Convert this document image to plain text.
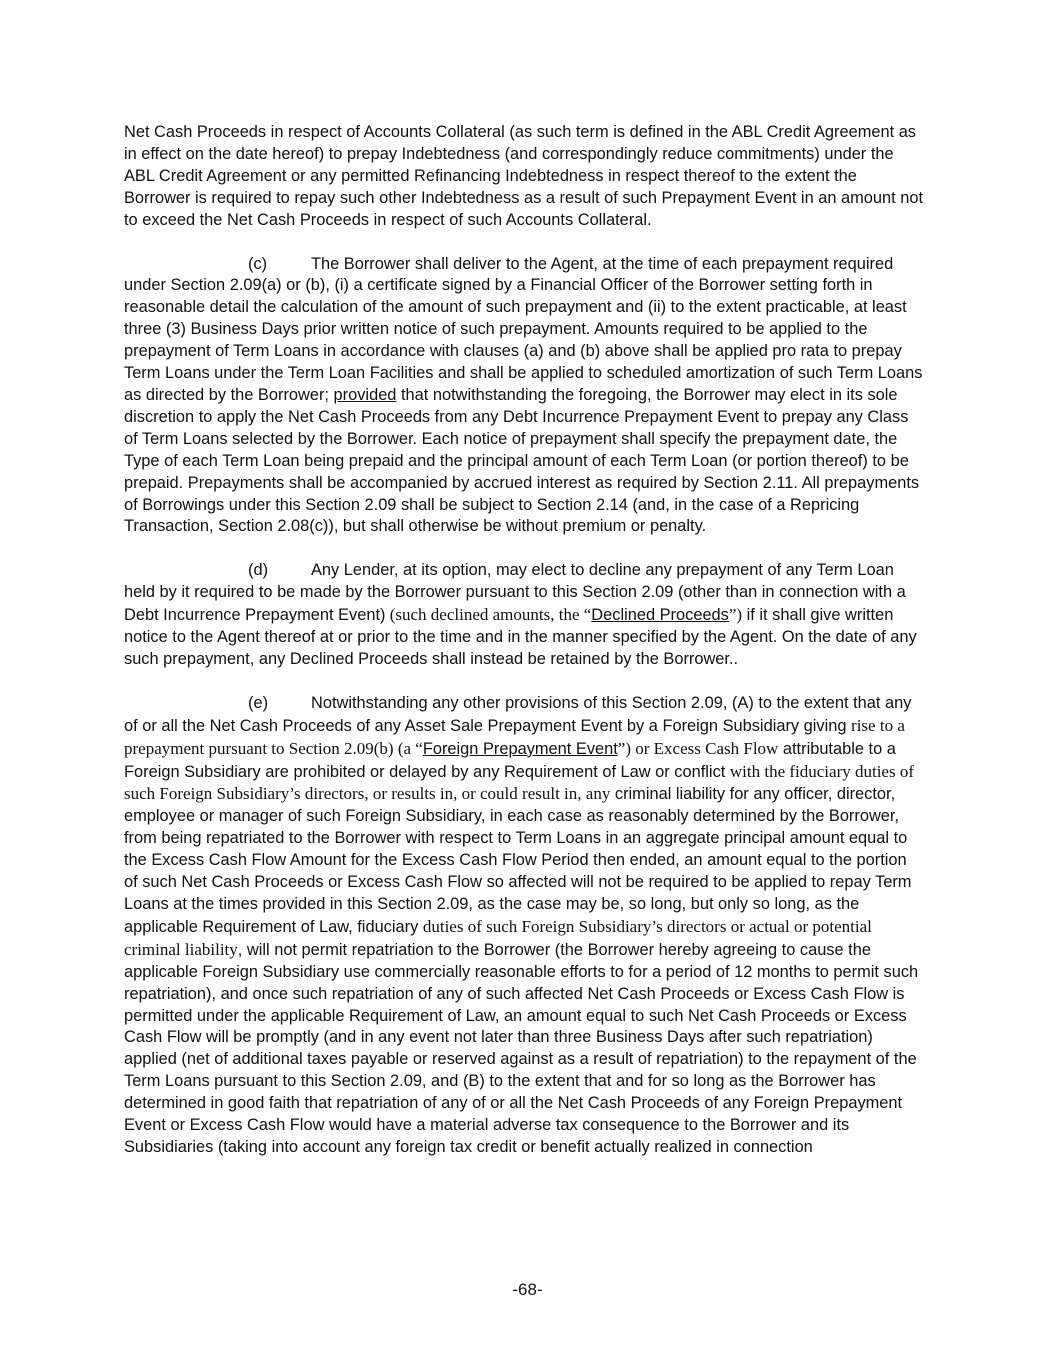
Net Cash Proceeds in respect of Accounts Collateral (as such term is defined in the ABL Credit Agreement as in effect on the date hereof) to prepay Indebtedness (and correspondingly reduce commitments) under the ABL Credit Agreement or any permitted Refinancing Indebtedness in respect thereof to the extent the Borrower is required to repay such other Indebtedness as a result of such Prepayment Event in an amount not to exceed the Net Cash Proceeds in respect of such Accounts Collateral.

(c)	The Borrower shall deliver to the Agent, at the time of each prepayment required under Section 2.09(a) or (b), (i) a certificate signed by a Financial Officer of the Borrower setting forth in reasonable detail the calculation of the amount of such prepayment and (ii) to the extent practicable, at least three (3) Business Days prior written notice of such prepayment. Amounts required to be applied to the prepayment of Term Loans in accordance with clauses (a) and (b) above shall be applied pro rata to prepay Term Loans under the Term Loan Facilities and shall be applied to scheduled amortization of such Term Loans as directed by the Borrower; provided that notwithstanding the foregoing, the Borrower may elect in its sole discretion to apply the Net Cash Proceeds from any Debt Incurrence Prepayment Event to prepay any Class of Term Loans selected by the Borrower. Each notice of prepayment shall specify the prepayment date, the Type of each Term Loan being prepaid and the principal amount of each Term Loan (or portion thereof) to be prepaid. Prepayments shall be accompanied by accrued interest as required by Section 2.11. All prepayments of Borrowings under this Section 2.09 shall be subject to Section 2.14 (and, in the case of a Repricing Transaction, Section 2.08(c)), but shall otherwise be without premium or penalty.

(d)	Any Lender, at its option, may elect to decline any prepayment of any Term Loan held by it required to be made by the Borrower pursuant to this Section 2.09 (other than in connection with a Debt Incurrence Prepayment Event) (such declined amounts, the “Declined Proceeds”) if it shall give written notice to the Agent thereof at or prior to the time and in the manner specified by the Agent. On the date of any such prepayment, any Declined Proceeds shall instead be retained by the Borrower..

(e)	Notwithstanding any other provisions of this Section 2.09, (A) to the extent that any of or all the Net Cash Proceeds of any Asset Sale Prepayment Event by a Foreign Subsidiary giving rise to a prepayment pursuant to Section 2.09(b) (a “Foreign Prepayment Event”) or Excess Cash Flow attributable to a Foreign Subsidiary are prohibited or delayed by any Requirement of Law or conflict with the fiduciary duties of such Foreign Subsidiary’s directors, or results in, or could result in, any criminal liability for any officer, director, employee or manager of such Foreign Subsidiary, in each case as reasonably determined by the Borrower, from being repatriated to the Borrower with respect to Term Loans in an aggregate principal amount equal to the Excess Cash Flow Amount for the Excess Cash Flow Period then ended, an amount equal to the portion of such Net Cash Proceeds or Excess Cash Flow so affected will not be required to be applied to repay Term Loans at the times provided in this Section 2.09, as the case may be, so long, but only so long, as the applicable Requirement of Law, fiduciary duties of such Foreign Subsidiary’s directors or actual or potential criminal liability, will not permit repatriation to the Borrower (the Borrower hereby agreeing to cause the applicable Foreign Subsidiary use commercially reasonable efforts to for a period of 12 months to permit such repatriation), and once such repatriation of any of such affected Net Cash Proceeds or Excess Cash Flow is permitted under the applicable Requirement of Law, an amount equal to such Net Cash Proceeds or Excess Cash Flow will be promptly (and in any event not later than three Business Days after such repatriation) applied (net of additional taxes payable or reserved against as a result of repatriation) to the repayment of the Term Loans pursuant to this Section 2.09, and (B) to the extent that and for so long as the Borrower has determined in good faith that repatriation of any of or all the Net Cash Proceeds of any Foreign Prepayment Event or Excess Cash Flow would have a material adverse tax consequence to the Borrower and its Subsidiaries (taking into account any foreign tax credit or benefit actually realized in connection

-68-
